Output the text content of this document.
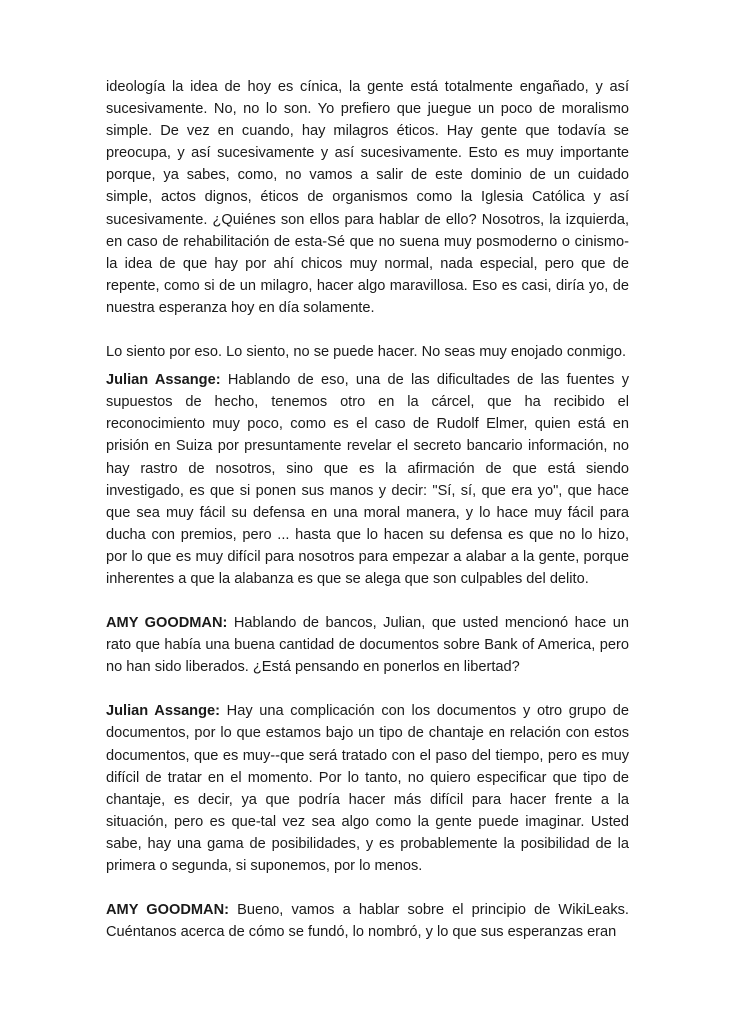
ideología la idea de hoy es cínica, la gente está totalmente engañado, y así sucesivamente. No, no lo son. Yo prefiero que juegue un poco de moralismo simple. De vez en cuando, hay milagros éticos. Hay gente que todavía se preocupa, y así sucesivamente y así sucesivamente. Esto es muy importante porque, ya sabes, como, no vamos a salir de este dominio de un cuidado simple, actos dignos, éticos de organismos como la Iglesia Católica y así sucesivamente. ¿Quiénes son ellos para hablar de ello? Nosotros, la izquierda, en caso de rehabilitación de esta-Sé que no suena muy posmoderno o cinismo-la idea de que hay por ahí chicos muy normal, nada especial, pero que de repente, como si de un milagro, hacer algo maravillosa. Eso es casi, diría yo, de nuestra esperanza hoy en día solamente.

Lo siento por eso. Lo siento, no se puede hacer. No seas muy enojado conmigo.

Julian Assange: Hablando de eso, una de las dificultades de las fuentes y supuestos de hecho, tenemos otro en la cárcel, que ha recibido el reconocimiento muy poco, como es el caso de Rudolf Elmer, quien está en prisión en Suiza por presuntamente revelar el secreto bancario información, no hay rastro de nosotros, sino que es la afirmación de que está siendo investigado, es que si ponen sus manos y decir: "Sí, sí, que era yo", que hace que sea muy fácil su defensa en una moral manera, y lo hace muy fácil para ducha con premios, pero ... hasta que lo hacen su defensa es que no lo hizo, por lo que es muy difícil para nosotros para empezar a alabar a la gente, porque inherentes a que la alabanza es que se alega que son culpables del delito.

AMY GOODMAN: Hablando de bancos, Julian, que usted mencionó hace un rato que había una buena cantidad de documentos sobre Bank of America, pero no han sido liberados. ¿Está pensando en ponerlos en libertad?

Julian Assange: Hay una complicación con los documentos y otro grupo de documentos, por lo que estamos bajo un tipo de chantaje en relación con estos documentos, que es muy--que será tratado con el paso del tiempo, pero es muy difícil de tratar en el momento. Por lo tanto, no quiero especificar que tipo de chantaje, es decir, ya que podría hacer más difícil para hacer frente a la situación, pero es que-tal vez sea algo como la gente puede imaginar. Usted sabe, hay una gama de posibilidades, y es probablemente la posibilidad de la primera o segunda, si suponemos, por lo menos.

AMY GOODMAN: Bueno, vamos a hablar sobre el principio de WikiLeaks. Cuéntanos acerca de cómo se fundó, lo nombró, y lo que sus esperanzas eran
